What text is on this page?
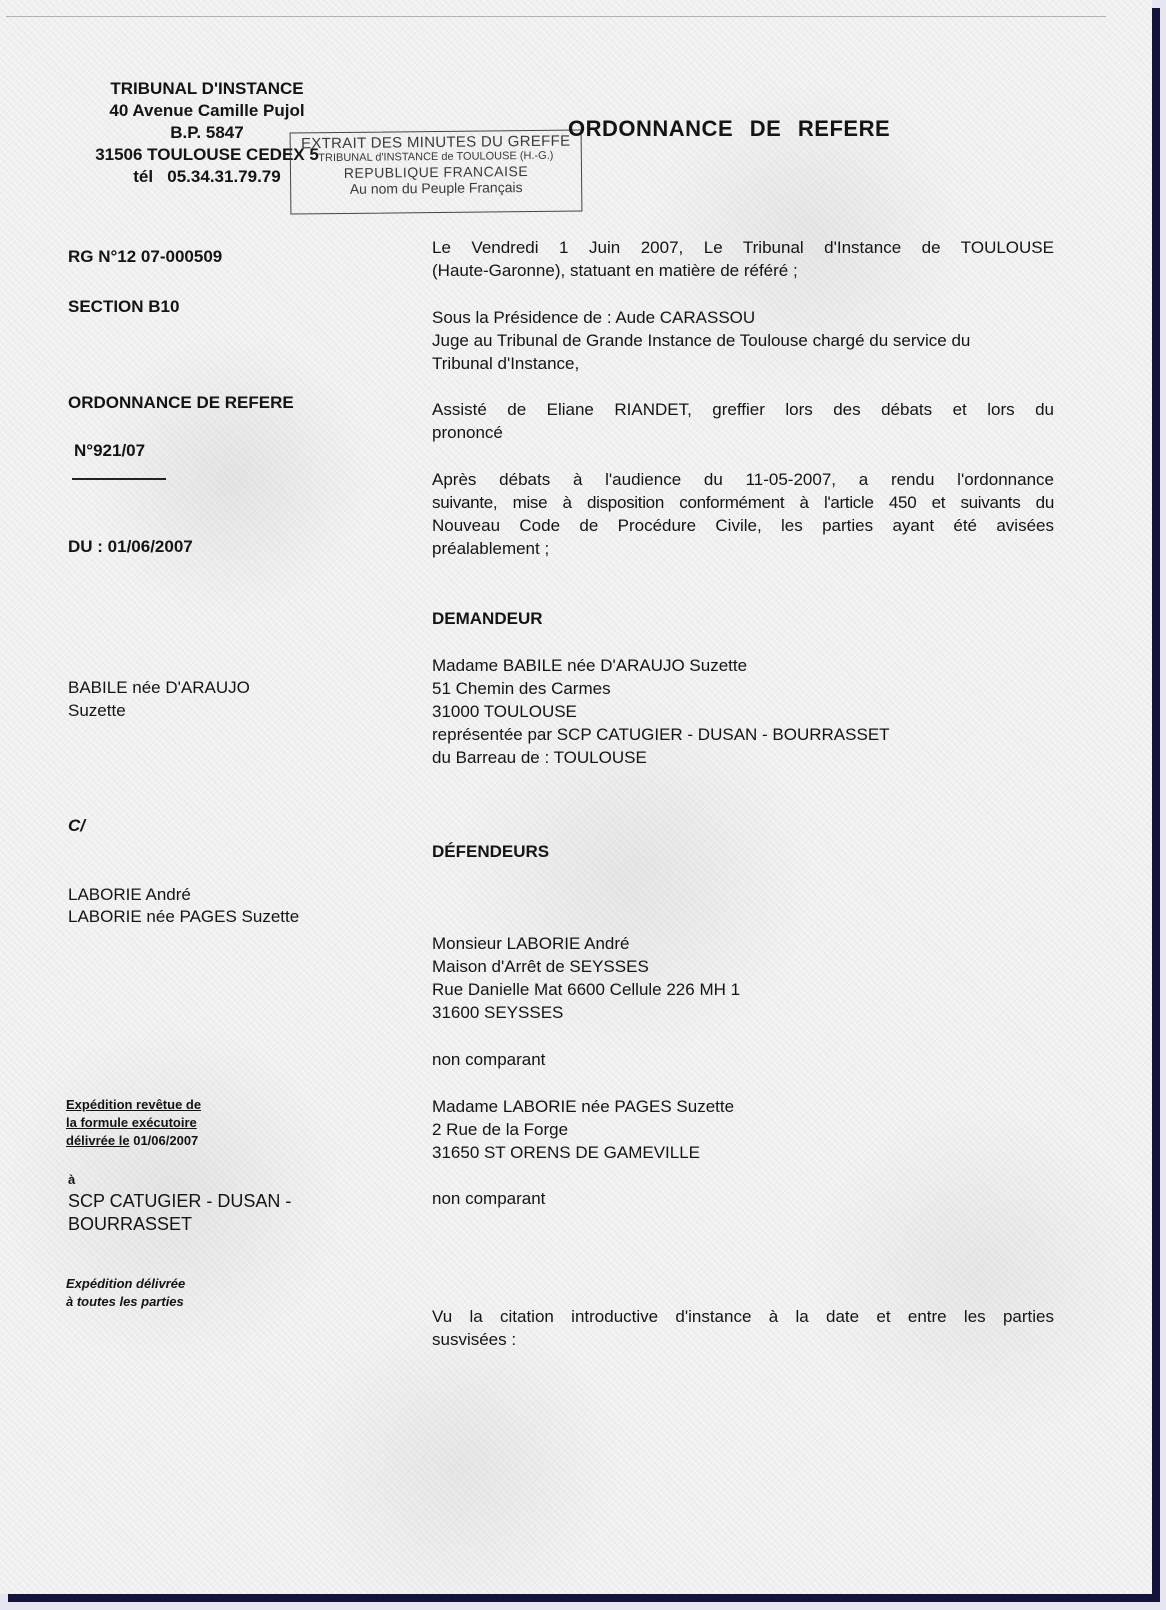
TRIBUNAL D'INSTANCE
40 Avenue Camille Pujol
B.P. 5847
31506 TOULOUSE CEDEX 5
tél   05.34.31.79.79
EXTRAIT DES MINUTES DU GREFFE
TRIBUNAL d'INSTANCE de TOULOUSE (H.-G.)
REPUBLIQUE FRANCAISE
Au nom du Peuple Français
ORDONNANCE DE REFERE
RG N°12 07-000509
SECTION B10
ORDONNANCE DE REFERE
N°921/07
DU : 01/06/2007
BABILE née D'ARAUJO
Suzette
C/
LABORIE André
LABORIE née PAGES Suzette
Expédition revêtue de
la formule exécutoire
délivrée le 01/06/2007
à
SCP CATUGIER - DUSAN -
BOURRASSET
Expédition délivrée
à toutes les parties
Le Vendredi 1 Juin 2007, Le Tribunal d'Instance de TOULOUSE
(Haute-Garonne), statuant en matière de référé ;
Sous la Présidence de : Aude CARASSOU
Juge au Tribunal de Grande Instance de Toulouse chargé du service du
Tribunal d'Instance,
Assisté de Eliane RIANDET, greffier lors des débats et lors du
prononcé
Après débats à l'audience du 11-05-2007, a rendu l'ordonnance
suivante, mise à disposition conformément à l'article 450 et suivants du
Nouveau Code de Procédure Civile, les parties ayant été avisées
préalablement ;
DEMANDEUR
Madame BABILE née D'ARAUJO Suzette
51 Chemin des Carmes
31000 TOULOUSE
représentée par SCP CATUGIER - DUSAN - BOURRASSET
du Barreau de : TOULOUSE
DÉFENDEURS
Monsieur LABORIE André
Maison d'Arrêt de SEYSSES
Rue Danielle Mat 6600 Cellule 226 MH 1
31600 SEYSSES
non comparant
Madame LABORIE née PAGES Suzette
2 Rue de la Forge
31650 ST ORENS DE GAMEVILLE
non comparant
Vu la citation introductive d'instance à la date et entre les parties
susvisées :
